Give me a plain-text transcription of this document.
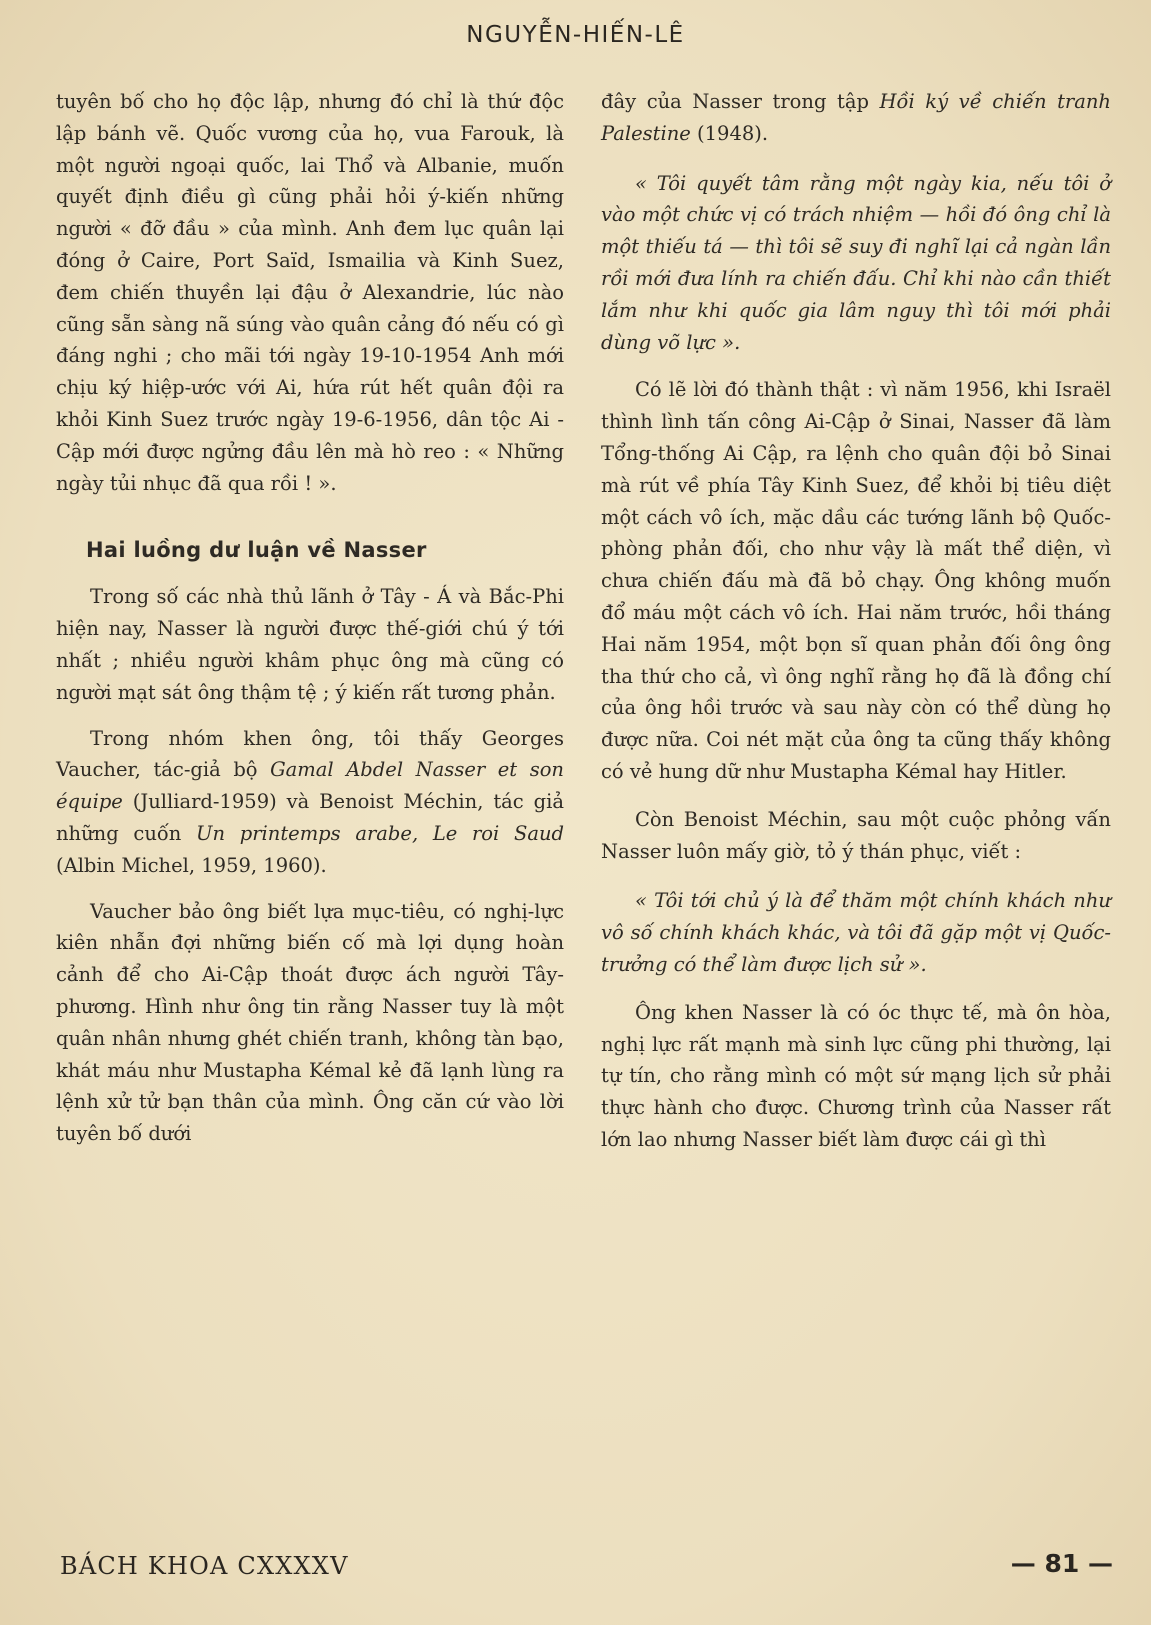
NGUYỄN-HIẾN-LÊ

tuyên bố cho họ độc lập, nhưng đó chỉ là thứ độc lập bánh vẽ. Quốc vương của họ, vua Farouk, là một người ngoại quốc, lai Thổ và Albanie, muốn quyết định điều gì cũng phải hỏi ý-kiến những người « đỡ đầu » của mình. Anh đem lục quân lại đóng ở Caire, Port Saïd, Ismailia và Kinh Suez, đem chiến thuyền lại đậu ở Alexandrie, lúc nào cũng sẵn sàng nã súng vào quân cảng đó nếu có gì đáng nghi ; cho mãi tới ngày 19-10-1954 Anh mới chịu ký hiệp-ước với Ai, hứa rút hết quân đội ra khỏi Kinh Suez trước ngày 19-6-1956, dân tộc Ai - Cập mới được ngửng đầu lên mà hò reo : « Những ngày tủi nhục đã qua rồi ! ».

Hai luồng dư luận về Nasser

Trong số các nhà thủ lãnh ở Tây - Á và Bắc-Phi hiện nay, Nasser là người được thế-giới chú ý tới nhất ; nhiều người khâm phục ông mà cũng có người mạt sát ông thậm tệ ; ý kiến rất tương phản.

Trong nhóm khen ông, tôi thấy Georges Vaucher, tác-giả bộ Gamal Abdel Nasser et son équipe (Julliard-1959) và Benoist Méchin, tác giả những cuốn Un printemps arabe, Le roi Saud (Albin Michel, 1959, 1960).

Vaucher bảo ông biết lựa mục-tiêu, có nghị-lực kiên nhẫn đợi những biến cố mà lợi dụng hoàn cảnh để cho Ai-Cập thoát được ách người Tây-phương. Hình như ông tin rằng Nasser tuy là một quân nhân nhưng ghét chiến tranh, không tàn bạo, khát máu như Mustapha Kémal kẻ đã lạnh lùng ra lệnh xử tử bạn thân của mình. Ông căn cứ vào lời tuyên bố dưới

đây của Nasser trong tập Hồi ký về chiến tranh Palestine (1948).

« Tôi quyết tâm rằng một ngày kia, nếu tôi ở vào một chức vị có trách nhiệm — hồi đó ông chỉ là một thiếu tá — thì tôi sẽ suy đi nghĩ lại cả ngàn lần rồi mới đưa lính ra chiến đấu. Chỉ khi nào cần thiết lắm như khi quốc gia lâm nguy thì tôi mới phải dùng võ lực ».

Có lẽ lời đó thành thật : vì năm 1956, khi Israël thình lình tấn công Ai-Cập ở Sinai, Nasser đã làm Tổng-thống Ai Cập, ra lệnh cho quân đội bỏ Sinai mà rút về phía Tây Kinh Suez, để khỏi bị tiêu diệt một cách vô ích, mặc dầu các tướng lãnh bộ Quốc-phòng phản đối, cho như vậy là mất thể diện, vì chưa chiến đấu mà đã bỏ chạy. Ông không muốn đổ máu một cách vô ích. Hai năm trước, hồi tháng Hai năm 1954, một bọn sĩ quan phản đối ông ông tha thứ cho cả, vì ông nghĩ rằng họ đã là đồng chí của ông hồi trước và sau này còn có thể dùng họ được nữa. Coi nét mặt của ông ta cũng thấy không có vẻ hung dữ như Mustapha Kémal hay Hitler.

Còn Benoist Méchin, sau một cuộc phỏng vấn Nasser luôn mấy giờ, tỏ ý thán phục, viết :

« Tôi tới chủ ý là để thăm một chính khách như vô số chính khách khác, và tôi đã gặp một vị Quốc-trưởng có thể làm được lịch sử ».

Ông khen Nasser là có óc thực tế, mà ôn hòa, nghị lực rất mạnh mà sinh lực cũng phi thường, lại tự tín, cho rằng mình có một sứ mạng lịch sử phải thực hành cho được. Chương trình của Nasser rất lớn lao nhưng Nasser biết làm được cái gì thì

BÁCH KHOA CXXXXV	— 81 —
